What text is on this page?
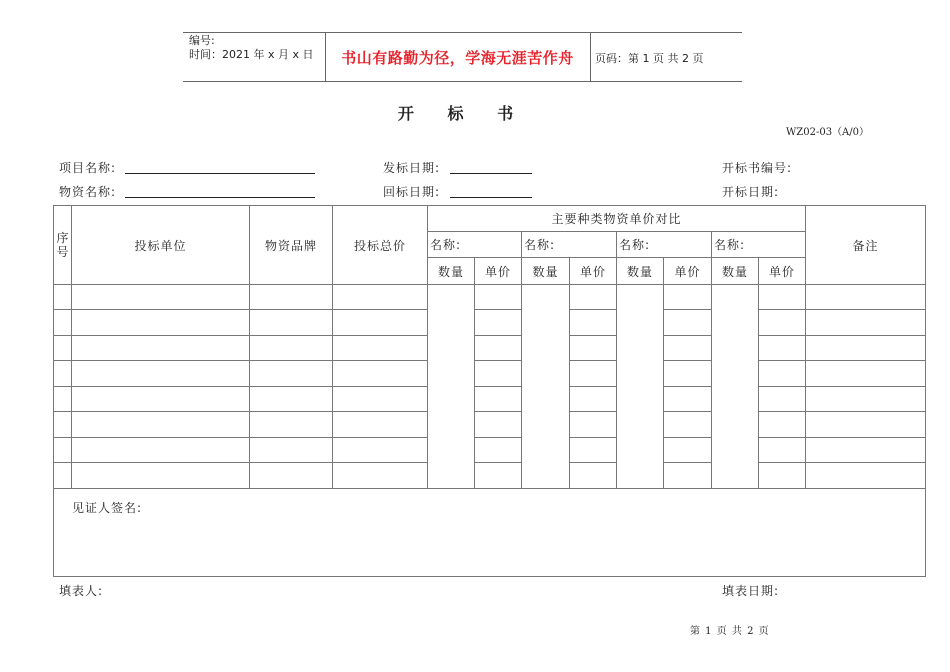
编号:
时间：2021 年 x 月 x 日	书山有路勤为径，学海无涯苦作舟	页码：第 1 页 共 2 页
开 标 书
WZ02-03（A/0）
项目名称:	发标日期:	开标书编号:
物资名称:	回标日期:	开标日期:
序号	投标单位	物资品牌	投标总价	主要种类物资单价对比								备注
				名称:		名称:		名称:		名称:		
				数量	单价	数量	单价	数量	单价	数量	单价	

见证人签名:												
填表人:	填表日期:
第 1 页 共 2 页
